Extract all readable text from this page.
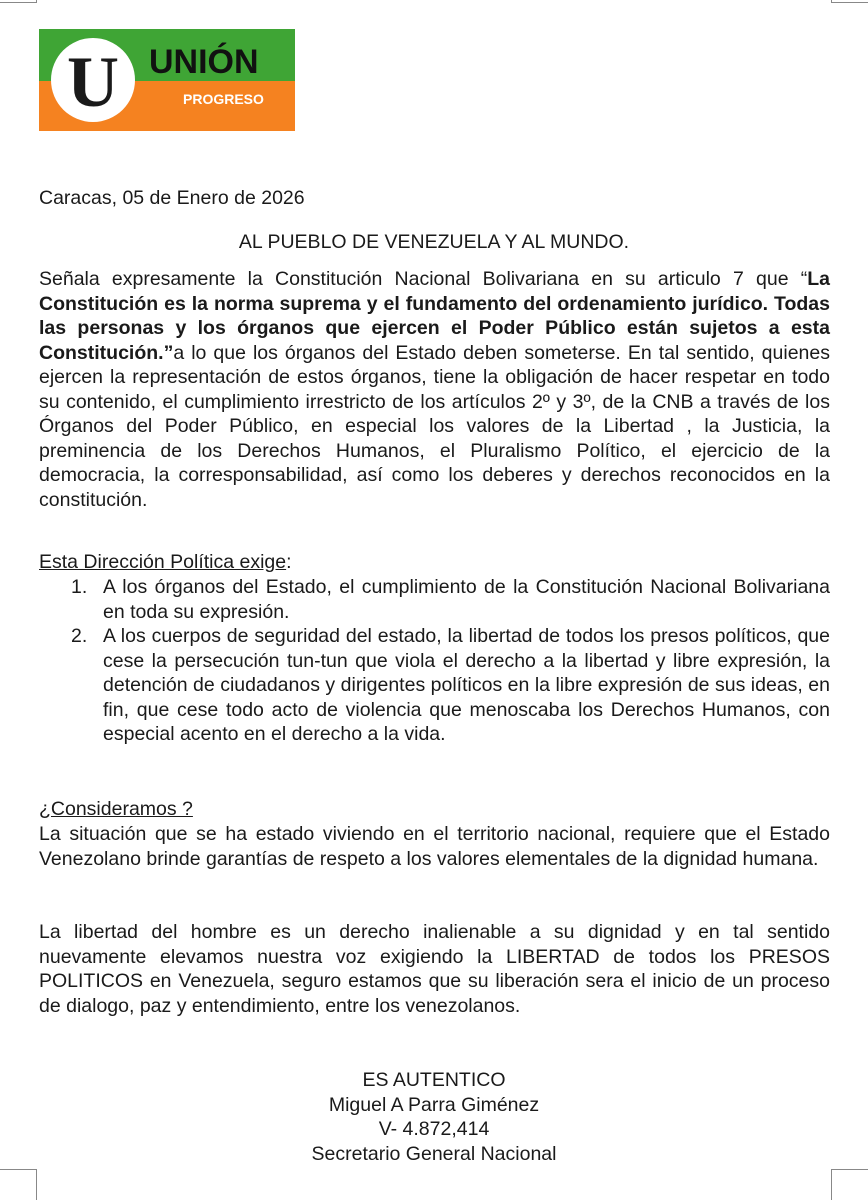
U UNIÓN
PROGRESO
Caracas, 05 de Enero de 2026
AL PUEBLO DE VENEZUELA Y AL MUNDO.
Señala expresamente la Constitución Nacional Bolivariana en su articulo 7 que “La Constitución es la norma suprema y el fundamento del ordenamiento jurídico. Todas las personas y los órganos que ejercen el Poder Público están sujetos a esta Constitución.”a lo que los órganos del Estado deben someterse. En tal sentido, quienes ejercen la representación de estos órganos, tiene la obligación de hacer respetar en todo su contenido, el cumplimiento irrestricto de los artículos 2º y 3º, de la CNB a través de los Órganos del Poder Público, en especial los valores de la Libertad , la Justicia, la preminencia de los Derechos Humanos, el Pluralismo Político, el ejercicio de la democracia, la corresponsabilidad, así como los deberes y derechos reconocidos en la constitución.
Esta Dirección Política exige:
1. A los órganos del Estado, el cumplimiento de la Constitución Nacional Bolivariana en toda su expresión.
2. A los cuerpos de seguridad del estado, la libertad de todos los presos políticos, que cese la persecución tun-tun que viola el derecho a la libertad y libre expresión, la detención de ciudadanos y dirigentes políticos en la libre expresión de sus ideas, en fin, que cese todo acto de violencia que menoscaba los Derechos Humanos, con especial acento en el derecho a la vida.
¿Consideramos ?
La situación que se ha estado viviendo en el territorio nacional, requiere que el Estado Venezolano brinde garantías de respeto a los valores elementales de la dignidad humana.
La libertad del hombre es un derecho inalienable a su dignidad y en tal sentido nuevamente elevamos nuestra voz exigiendo la LIBERTAD de todos los PRESOS POLITICOS en Venezuela, seguro estamos que su liberación sera el inicio de un proceso de dialogo, paz y entendimiento, entre los venezolanos.
ES AUTENTICO
Miguel A Parra Giménez
V- 4.872,414
Secretario General Nacional
